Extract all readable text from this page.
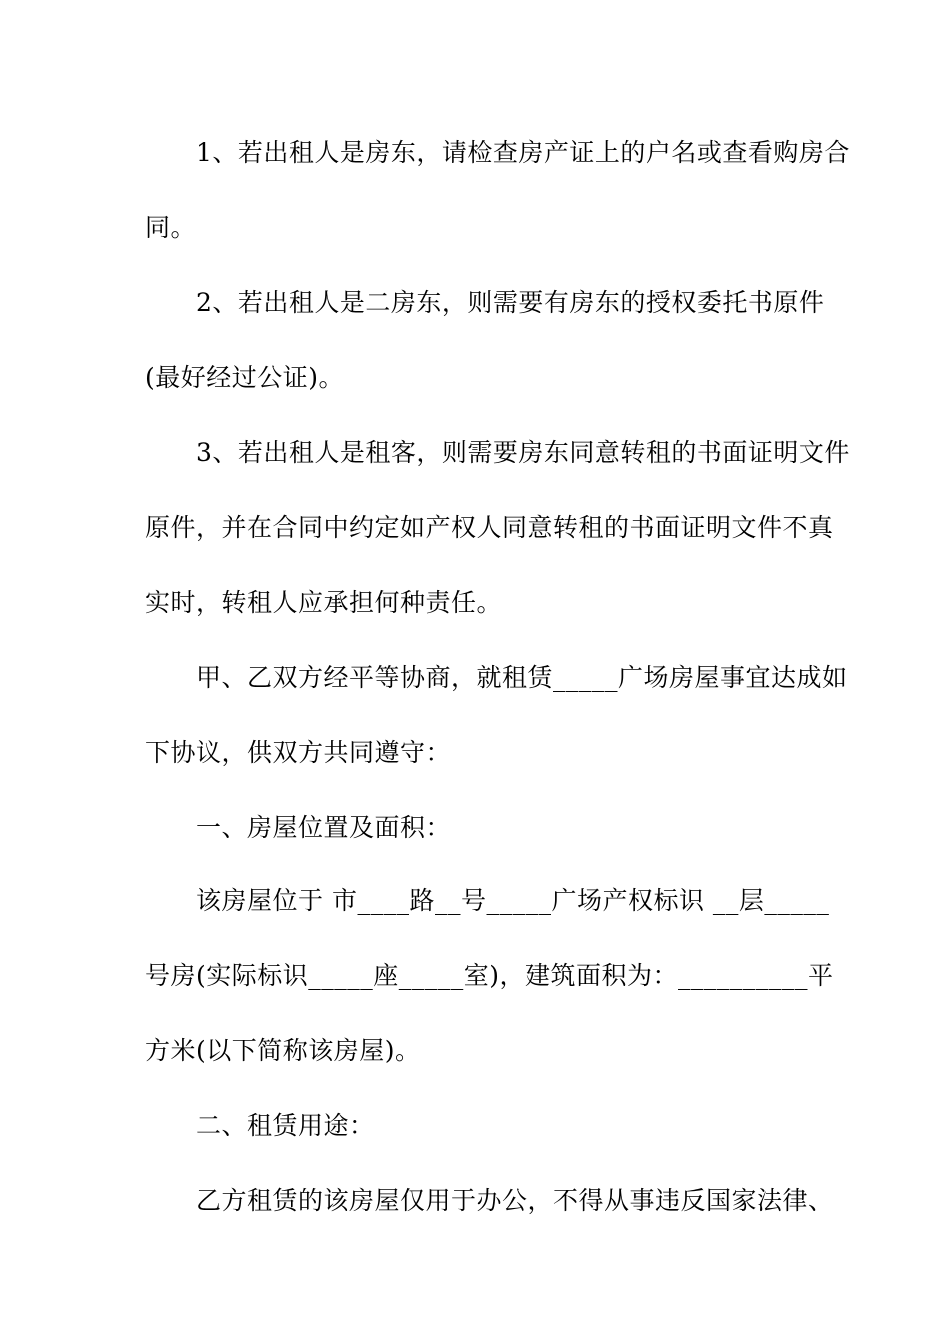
　　1、若出租人是房东，请检查房产证上的户名或查看购房合
同。
　　2、若出租人是二房东，则需要有房东的授权委托书原件
(最好经过公证)。
　　3、若出租人是租客，则需要房东同意转租的书面证明文件
原件，并在合同中约定如产权人同意转租的书面证明文件不真
实时，转租人应承担何种责任。
　　甲、乙双方经平等协商，就租赁_____广场房屋事宜达成如
下协议，供双方共同遵守：
　　一、房屋位置及面积：
　　该房屋位于 市____路__号_____广场产权标识 __层_____
号房(实际标识_____座_____室)，建筑面积为：__________平
方米(以下简称该房屋)。
　　二、租赁用途：
　　乙方租赁的该房屋仅用于办公，不得从事违反国家法律、
